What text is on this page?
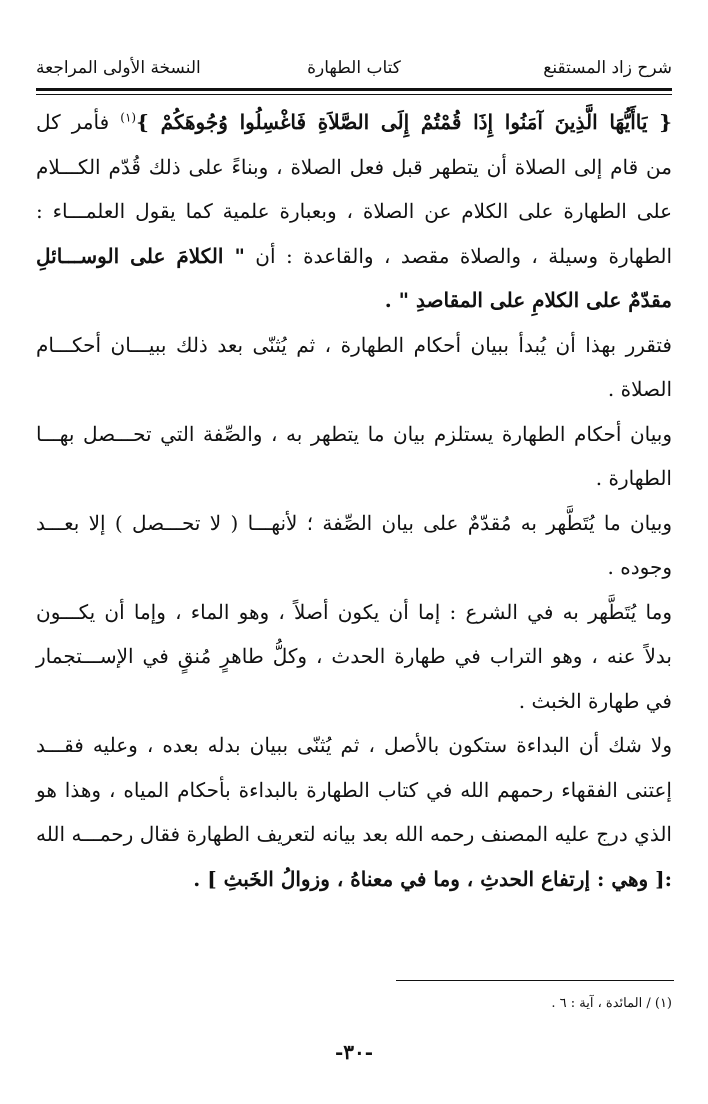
شرح زاد المستقنع
كتاب الطهارة
النسخة الأولى المراجعة

{ يَاأَيُّهَا الَّذِينَ آمَنُوا إِذَا قُمْتُمْ إِلَى الصَّلاَةِ فَاغْسِلُوا وُجُوهَكُمْ }$^{(١)}$ فأمر كل

من قام إلى الصلاة أن يتطهر قبل فعل الصلاة ، وبناءً على ذلك قُدّم الكـــلام

على الطهارة على الكلام عن الصلاة ، وبعبارة علمية كما يقول العلمـــاء :

الطهارة وسيلة ، والصلاة مقصد ، والقاعدة : أن " الكلامَ على الوســـائلِ

مقدّمٌ على الكلامِ على المقاصدِ " .

فتقرر بهذا أن يُبدأ ببيان أحكام الطهارة ، ثم يُثنّى بعد ذلك ببيـــان أحكـــام

الصلاة .

وبيان أحكام الطهارة يستلزم بيان ما يتطهر به ، والصِّفة التي تحـــصل بهـــا

الطهارة .

وبيان ما يُتَطَّهر به مُقدّمٌ على بيان الصِّفة ؛ لأنهـــا ( لا تحـــصل ) إلا بعـــد

وجوده .

وما يُتَطَّهر به في الشرع : إما أن يكون أصلاً ، وهو الماء ، وإما أن يكـــون

بدلاً عنه ، وهو التراب في طهارة الحدث ، وكلُّ طاهرٍ مُنقٍ في الإســـتجمار

في طهارة الخبث .

ولا شك أن البداءة ستكون بالأصل ، ثم يُثنّى ببيان بدله بعده ، وعليه فقـــد

إعتنى الفقهاء رحمهم الله في كتاب الطهارة بالبداءة بأحكام المياه ، وهذا هو

الذي درج عليه المصنف رحمه الله بعد بيانه لتعريف الطهارة فقال رحمـــه الله

:[ وهي : إرتفاع الحدثِ ، وما في معناهُ ، وزوالُ الخَبثِ ] .

(١) / المائدة ، آية : ٦ .
-٣٠-
